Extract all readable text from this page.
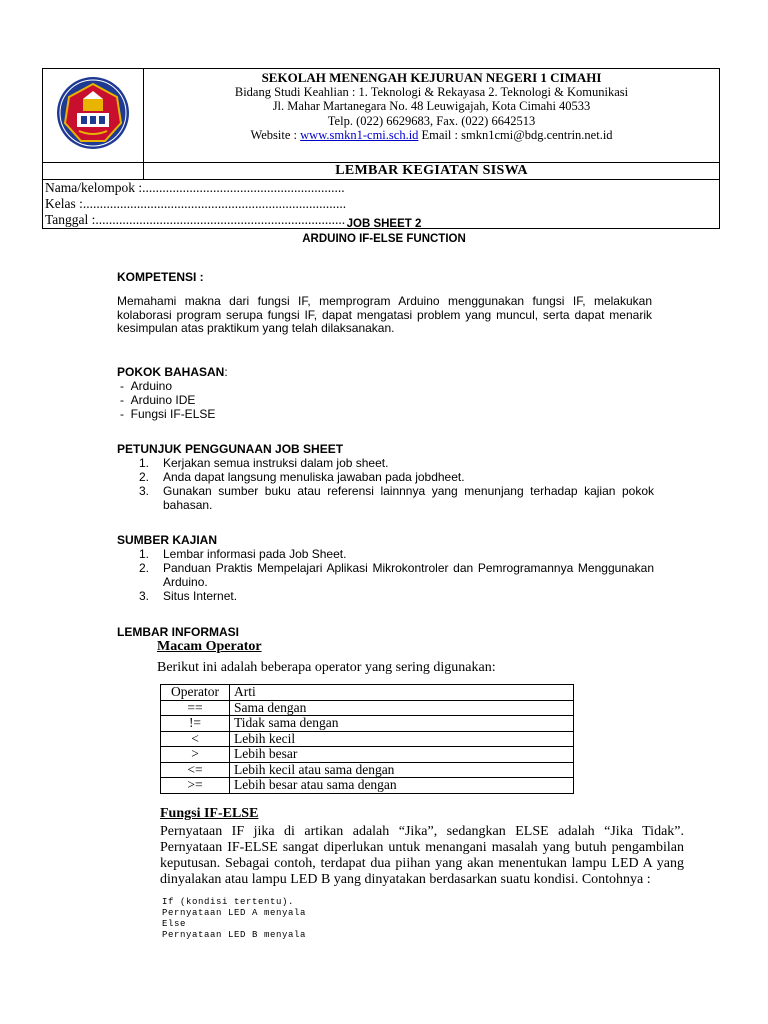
SEKOLAH MENENGAH KEJURUAN NEGERI 1 CIMAHI
Bidang Studi Keahlian : 1. Teknologi & Rekayasa 2. Teknologi & Komunikasi
Jl. Mahar Martanegara No. 48 Leuwigajah, Kota Cimahi 40533
Telp. (022) 6629683, Fax. (022) 6642513
Website : www.smkn1-cmi.sch.id Email : smkn1cmi@bdg.centrin.net.id

	LEMBAR KEGIATAN SISWA

Nama/kelompok :............................................................
Kelas :..............................................................................
Tanggal :..........................................................................	JOB SHEET 2
ARDUINO IF-ELSE FUNCTION
KOMPETENSI :
Memahami makna dari fungsi IF, memprogram Arduino menggunakan fungsi IF, melakukan kolaborasi program serupa fungsi IF, dapat mengatasi problem yang muncul, serta dapat menarik kesimpulan atas praktikum yang telah dilaksanakan.
POKOK BAHASAN:
-  Arduino
-  Arduino IDE
-  Fungsi IF-ELSE
PETUNJUK PENGGUNAAN JOB SHEET
1. Kerjakan semua instruksi dalam job sheet.
2. Anda dapat langsung menuliska jawaban pada jobdheet.
3. Gunakan sumber buku atau referensi lainnnya yang menunjang terhadap kajian pokok bahasan.
SUMBER KAJIAN
1. Lembar informasi pada Job Sheet.
2. Panduan Praktis Mempelajari Aplikasi Mikrokontroler dan Pemrogramannya Menggunakan Arduino.
3. Situs Internet.
LEMBAR INFORMASI
Macam Operator
Berikut ini adalah beberapa operator yang sering digunakan:
Operator	Arti
==	Sama dengan
!=	Tidak sama dengan
<	Lebih kecil
>	Lebih besar
<=	Lebih kecil atau sama dengan
>=	Lebih besar atau sama dengan
Fungsi IF-ELSE
Pernyataan IF jika di artikan adalah “Jika”, sedangkan ELSE adalah “Jika Tidak”.
Pernyataan IF-ELSE sangat diperlukan untuk menangani masalah yang butuh pengambilan
keputusan. Sebagai contoh, terdapat dua piihan yang akan menentukan lampu LED A yang
dinyalakan atau lampu LED B yang dinyatakan berdasarkan suatu kondisi. Contohnya :
If (kondisi tertentu).
Pernyataan LED A menyala
Else
Pernyataan LED B menyala
